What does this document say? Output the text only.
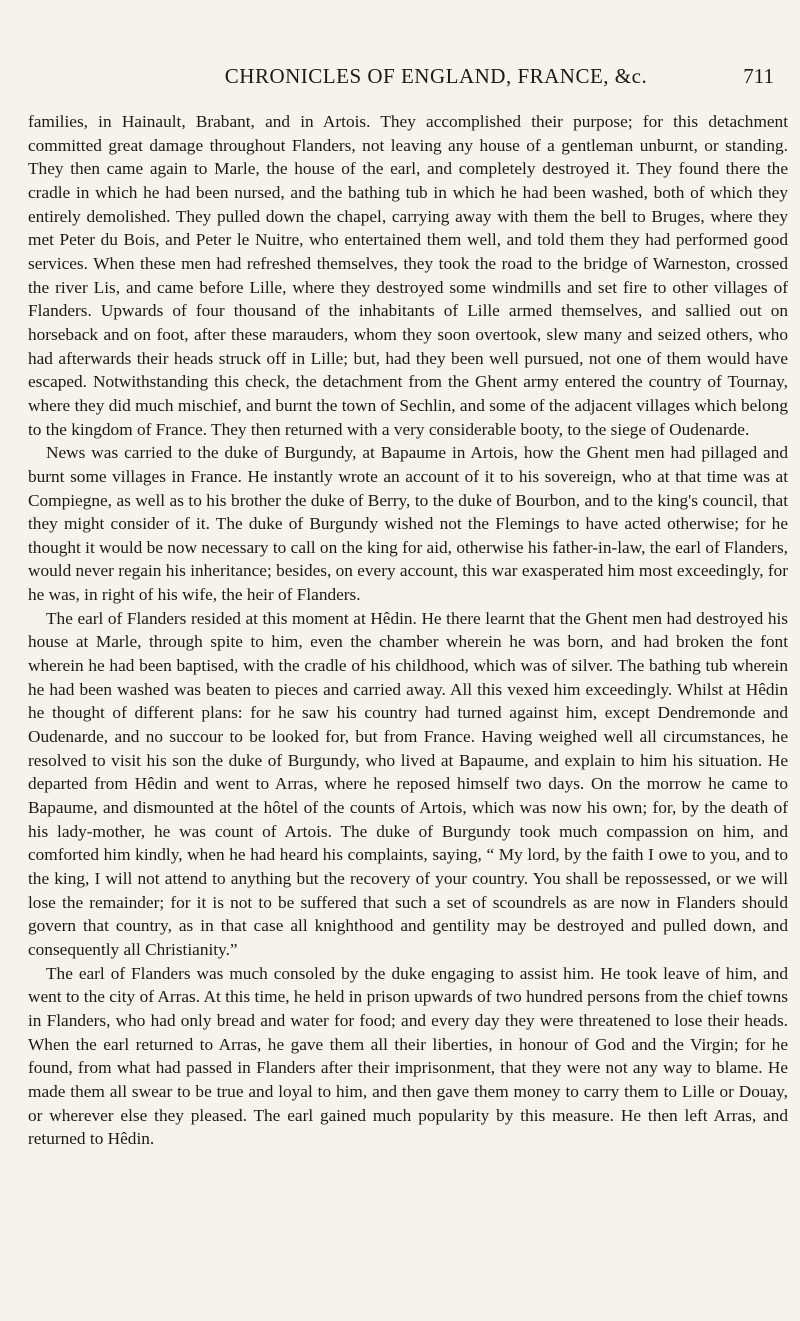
CHRONICLES OF ENGLAND, FRANCE, &c.	711

families, in Hainault, Brabant, and in Artois. They accomplished their purpose; for this detachment committed great damage throughout Flanders, not leaving any house of a gentleman unburnt, or standing. They then came again to Marle, the house of the earl, and completely destroyed it. They found there the cradle in which he had been nursed, and the bathing tub in which he had been washed, both of which they entirely demolished. They pulled down the chapel, carrying away with them the bell to Bruges, where they met Peter du Bois, and Peter le Nuitre, who entertained them well, and told them they had performed good services. When these men had refreshed themselves, they took the road to the bridge of Warneston, crossed the river Lis, and came before Lille, where they destroyed some windmills and set fire to other villages of Flanders. Upwards of four thousand of the inhabitants of Lille armed themselves, and sallied out on horseback and on foot, after these marauders, whom they soon overtook, slew many and seized others, who had afterwards their heads struck off in Lille; but, had they been well pursued, not one of them would have escaped. Notwithstanding this check, the detachment from the Ghent army entered the country of Tournay, where they did much mischief, and burnt the town of Sechlin, and some of the adjacent villages which belong to the kingdom of France. They then returned with a very considerable booty, to the siege of Oudenarde.

News was carried to the duke of Burgundy, at Bapaume in Artois, how the Ghent men had pillaged and burnt some villages in France. He instantly wrote an account of it to his sovereign, who at that time was at Compiegne, as well as to his brother the duke of Berry, to the duke of Bourbon, and to the king's council, that they might consider of it. The duke of Burgundy wished not the Flemings to have acted otherwise; for he thought it would be now necessary to call on the king for aid, otherwise his father-in-law, the earl of Flanders, would never regain his inheritance; besides, on every account, this war exasperated him most exceedingly, for he was, in right of his wife, the heir of Flanders.

The earl of Flanders resided at this moment at Hêdin. He there learnt that the Ghent men had destroyed his house at Marle, through spite to him, even the chamber wherein he was born, and had broken the font wherein he had been baptised, with the cradle of his childhood, which was of silver. The bathing tub wherein he had been washed was beaten to pieces and carried away. All this vexed him exceedingly. Whilst at Hêdin he thought of different plans: for he saw his country had turned against him, except Dendremonde and Oudenarde, and no succour to be looked for, but from France. Having weighed well all circumstances, he resolved to visit his son the duke of Burgundy, who lived at Bapaume, and explain to him his situation. He departed from Hêdin and went to Arras, where he reposed himself two days. On the morrow he came to Bapaume, and dismounted at the hôtel of the counts of Artois, which was now his own; for, by the death of his lady-mother, he was count of Artois. The duke of Burgundy took much compassion on him, and comforted him kindly, when he had heard his complaints, saying, “ My lord, by the faith I owe to you, and to the king, I will not attend to anything but the recovery of your country. You shall be repossessed, or we will lose the remainder; for it is not to be suffered that such a set of scoundrels as are now in Flanders should govern that country, as in that case all knighthood and gentility may be destroyed and pulled down, and consequently all Christianity.”

The earl of Flanders was much consoled by the duke engaging to assist him. He took leave of him, and went to the city of Arras. At this time, he held in prison upwards of two hundred persons from the chief towns in Flanders, who had only bread and water for food; and every day they were threatened to lose their heads. When the earl returned to Arras, he gave them all their liberties, in honour of God and the Virgin; for he found, from what had passed in Flanders after their imprisonment, that they were not any way to blame. He made them all swear to be true and loyal to him, and then gave them money to carry them to Lille or Douay, or wherever else they pleased. The earl gained much popularity by this measure. He then left Arras, and returned to Hêdin.
